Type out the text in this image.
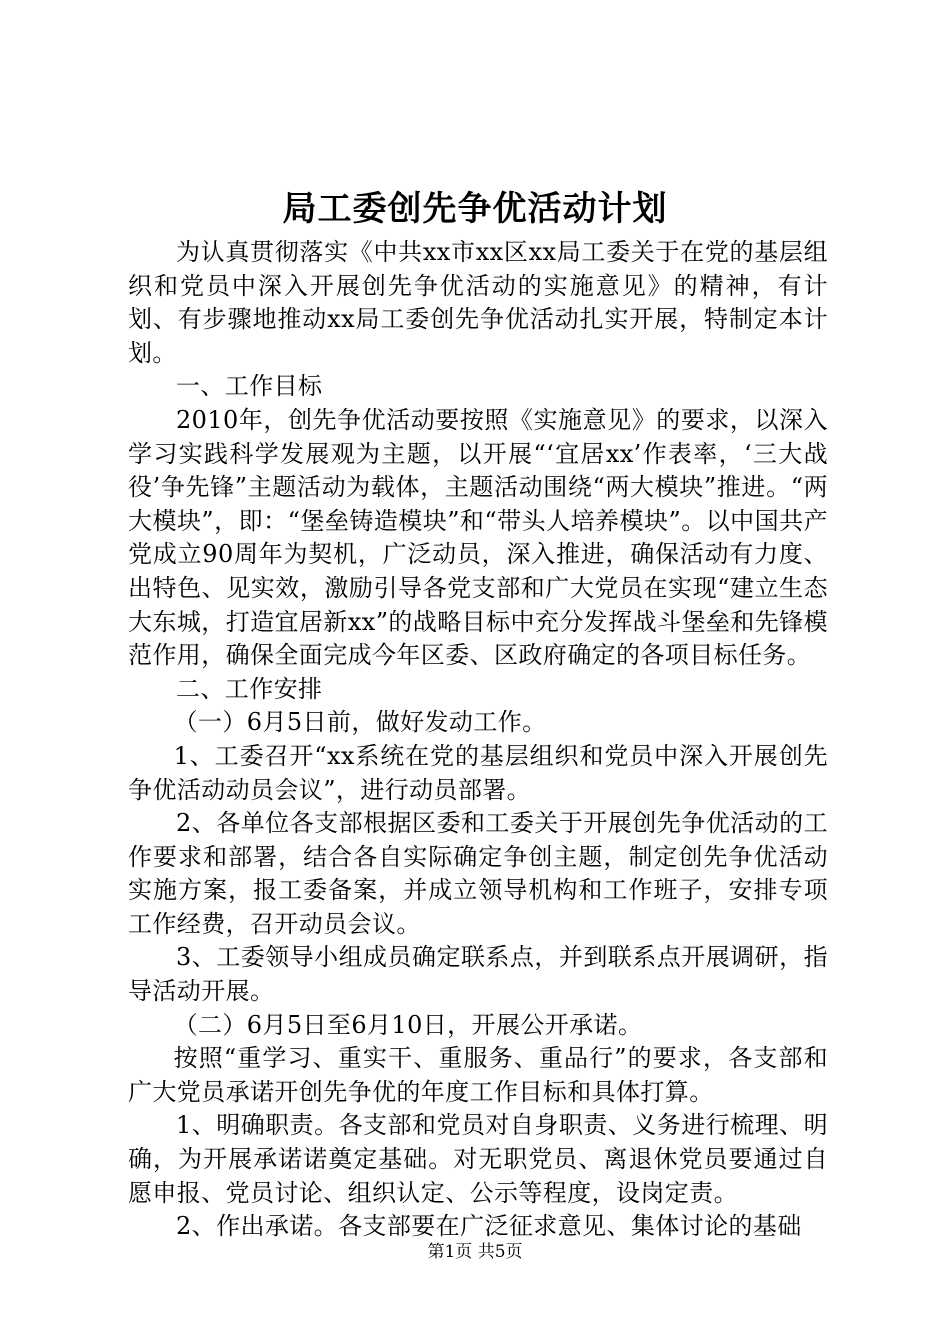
局工委创先争优活动计划

为认真贯彻落实《中共xx市xx区xx局工委关于在党的基层组织和党员中深入开展创先争优活动的实施意见》的精神，有计划、有步骤地推动xx局工委创先争优活动扎实开展，特制定本计划。

一、工作目标

2010年，创先争优活动要按照《实施意见》的要求，以深入学习实践科学发展观为主题，以开展“‘宜居xx’作表率，‘三大战役’争先锋”主题活动为载体，主题活动围绕“两大模块”推进。“两大模块”，即：“堡垒铸造模块”和“带头人培养模块”。以中国共产党成立90周年为契机，广泛动员，深入推进，确保活动有力度、出特色、见实效，激励引导各党支部和广大党员在实现“建立生态大东城，打造宜居新xx”的战略目标中充分发挥战斗堡垒和先锋模范作用，确保全面完成今年区委、区政府确定的各项目标任务。

二、工作安排

（一）6月5日前，做好发动工作。

1、工委召开“xx系统在党的基层组织和党员中深入开展创先争优活动动员会议”，进行动员部署。

2、各单位各支部根据区委和工委关于开展创先争优活动的工作要求和部署，结合各自实际确定争创主题，制定创先争优活动实施方案，报工委备案，并成立领导机构和工作班子，安排专项工作经费，召开动员会议。

3、工委领导小组成员确定联系点，并到联系点开展调研，指导活动开展。

（二）6月5日至6月10日，开展公开承诺。

按照“重学习、重实干、重服务、重品行”的要求，各支部和广大党员承诺开创先争优的年度工作目标和具体打算。

1、明确职责。各支部和党员对自身职责、义务进行梳理、明确，为开展承诺诺奠定基础。对无职党员、离退休党员要通过自愿申报、党员讨论、组织认定、公示等程度，设岗定责。

2、作出承诺。各支部要在广泛征求意见、集体讨论的基础

第1页 共5页
